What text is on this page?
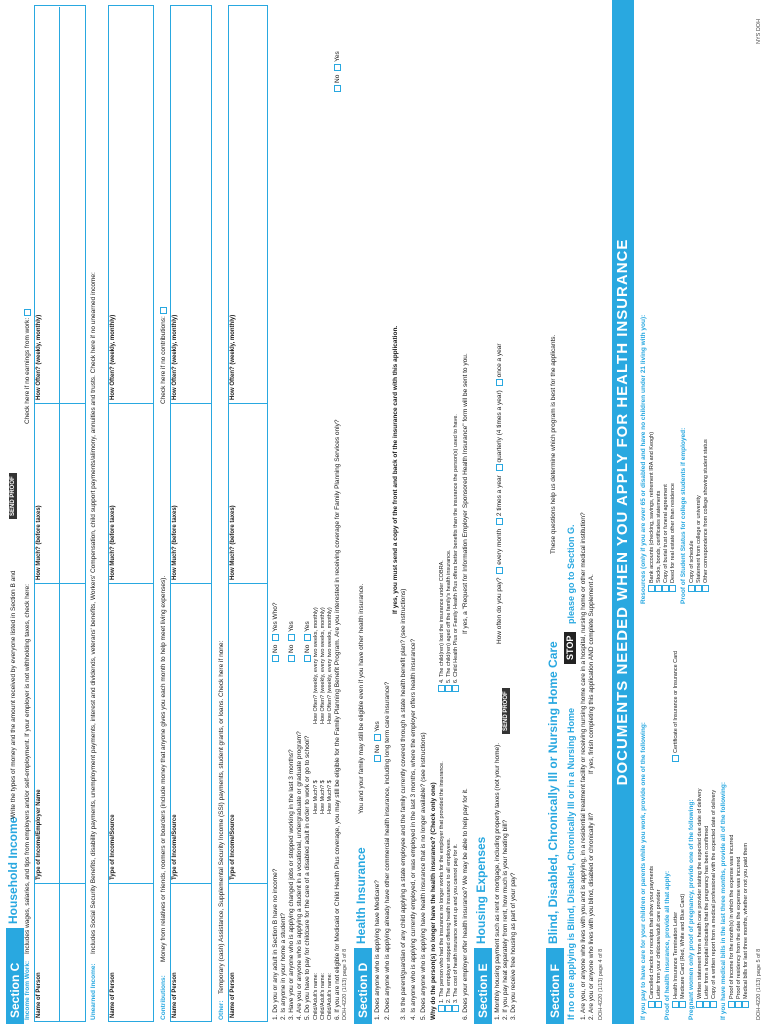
Section C
Household Income
Write the types of money and the amount received by everyone listed in Section B and
SEND PROOF
Income from Work:
Includes wages, salaries, and tips from employers and/or self-employment. If your employer is not withholding taxes, check here:
Check here if no earnings from work:
Name of Person
Type of Income/Employer Name
How Much? (before taxes)
How Often? (weekly, monthly)
Unearned Income:
Includes Social Security Benefits, disability payments, unemployment payments, interest and dividends, veterans' benefits, Workers' Compensation, child support payments/alimony, annuities and trusts. Check here if no unearned income:
Name of Person
Type of Income/Source
How Much? (before taxes)
How Often? (weekly, monthly)
Contributions:
Money from relatives or friends, roomers or boarders (include money that anyone gives you each month to help meet living expenses).
Check here if no contributions:
Name of Person
Type of Income/Source
How Much? (before taxes)
How Often? (weekly, monthly)
Other:
Temporary (cash) Assistance, Supplemental Security Income (SSI) payments, student grants, or loans. Check here if none:
Name of Person
Type of Income/Source
How Much? (before taxes)
How Often? (weekly, monthly)
1. Do you or any adult in Section B have no income? 2. Is anyone in your home a student? 3. Have you or anyone who is applying changed jobs or stopped working in the last 3 months? 4. Are you or anyone who is applying a student in a vocational, undergraduate or graduate program? 5. Do you have to pay for childcare for the care of a disabled adult in order to work or go to school?
No Yes Who?
No Yes
No Yes
Child/Adult's name: Child/Adult's name: Child/Adult's name:
How Much? $ How Much? $ How Much? $
How Often? (weekly, every two weeks, monthly) How Often? (weekly, every two weeks, monthly) How Often? (weekly, every two weeks, monthly) 6. If you are not eligible for Medicaid or Child Health Plus coverage, you may still be eligible for the Family Planning Benefit Program. Are you interested in receiving coverage for Family Planning Services only?
No Yes
DOH-4220 (1/13) page 3 of 8 Section D
Health Insurance
You and your family may still be eligible even if you have other health insurance.
1. Does anyone who is applying have Medicare?
No Yes 2. Does anyone who is applying already have other commercial health insurance, including long term care insurance?
If yes, you must send a copy of the front and back of the insurance card with this application.
3. Is the parent/guardian of any child applying a state employee and the family currently covered through a state health benefit plan? (see instructions) 4. Is anyone who is applying currently employed, or was employed in the last 3 months, where the employer offers health insurance? 5. Does anyone who is applying have health insurance that is no longer available? (see instructions) Why do the person(s) no longer have the health insurance? (Check only one) 1. The person who had the insurance no longer works for the employer that provided the insurance. 2. The employer stopped offering health insurance to all employees. 3. The cost of health insurance went up and you cannot pay for it.
4. The child(ren) lost the insurance under COBRA. 5. The child(ren) aged off the family's health insurance. 6. Child Health Plus or Family Health Plus offers better benefits than the insurance the person(s) used to have.
6. Does your employer offer health insurance? We may be able to help pay for it.
If yes, a "Request for Information Employer Sponsored Health Insurance" form will be sent to you.
Section E
Housing Expenses 1. Monthly housing payment such as rent or mortgage, including property taxes (not your home). 2. If you pay heat separately from rent, how much is your heating bill?
SEND PROOF
3. Do you receive free housing as part of your pay?
How often do you pay? every month 2 times a year quarterly (4 times a year) once a year
Section F
Blind, Disabled, Chronically Ill or Nursing Home Care
These questions help us determine which program is best for the applicants.
If no one applying is Blind, Disabled, Chronically Ill or in a Nursing Home
STOP
please go to Section G. 1. Are you, or anyone who lives with you and is applying, in a residential treatment facility or receiving nursing home care in a hospital, nursing home or other medical institution? 2. Are you or anyone who lives with you blind, disabled or chronically ill?
If yes, finish completing this application AND complete Supplement A.
DOH-4220 (1/13) page 4 of 8
DOCUMENTS NEEDED WHEN YOU APPLY FOR HEALTH INSURANCE
If you pay to have care for your children or parents while you work, provide one of the following: Cancelled checks or receipts that show your payments Letter from your childcare/adult care provider Proof of health insurance, provide all that apply: Health Insurance Termination Letter Medicare Card (Red, White and Blue Card)
Certificate of Insurance or Insurance Card
Pregnant women only proof of pregnancy, provide one of the following: Written statement from a health care provider stating the expected due date of delivery Letter from a hospital indicating that the pregnancy has been confirmed Copy of a written report from a medical professional with the expected date of delivery If you have medical bills in the last three months, provide all of the following: Proof of income for the month(s) in which the expense was incurred Proof of residency from the date the expense was incurred Medical bills for last three months, whether or not you paid them
Resources (only if you are over 65 or disabled and have no children under 21 living with you): Bank accounts (checking, savings, retirement IRA and Keogh) Stocks, bonds, certificates statements Copy of burial trust or funeral agreement Deed for real estate other than residence Proof of Student Status for college students if employed: Copy of schedule Statement from college or university Other correspondence from college showing student status
DOH-4220 (1/13) page 5 of 8
NYS DOH
